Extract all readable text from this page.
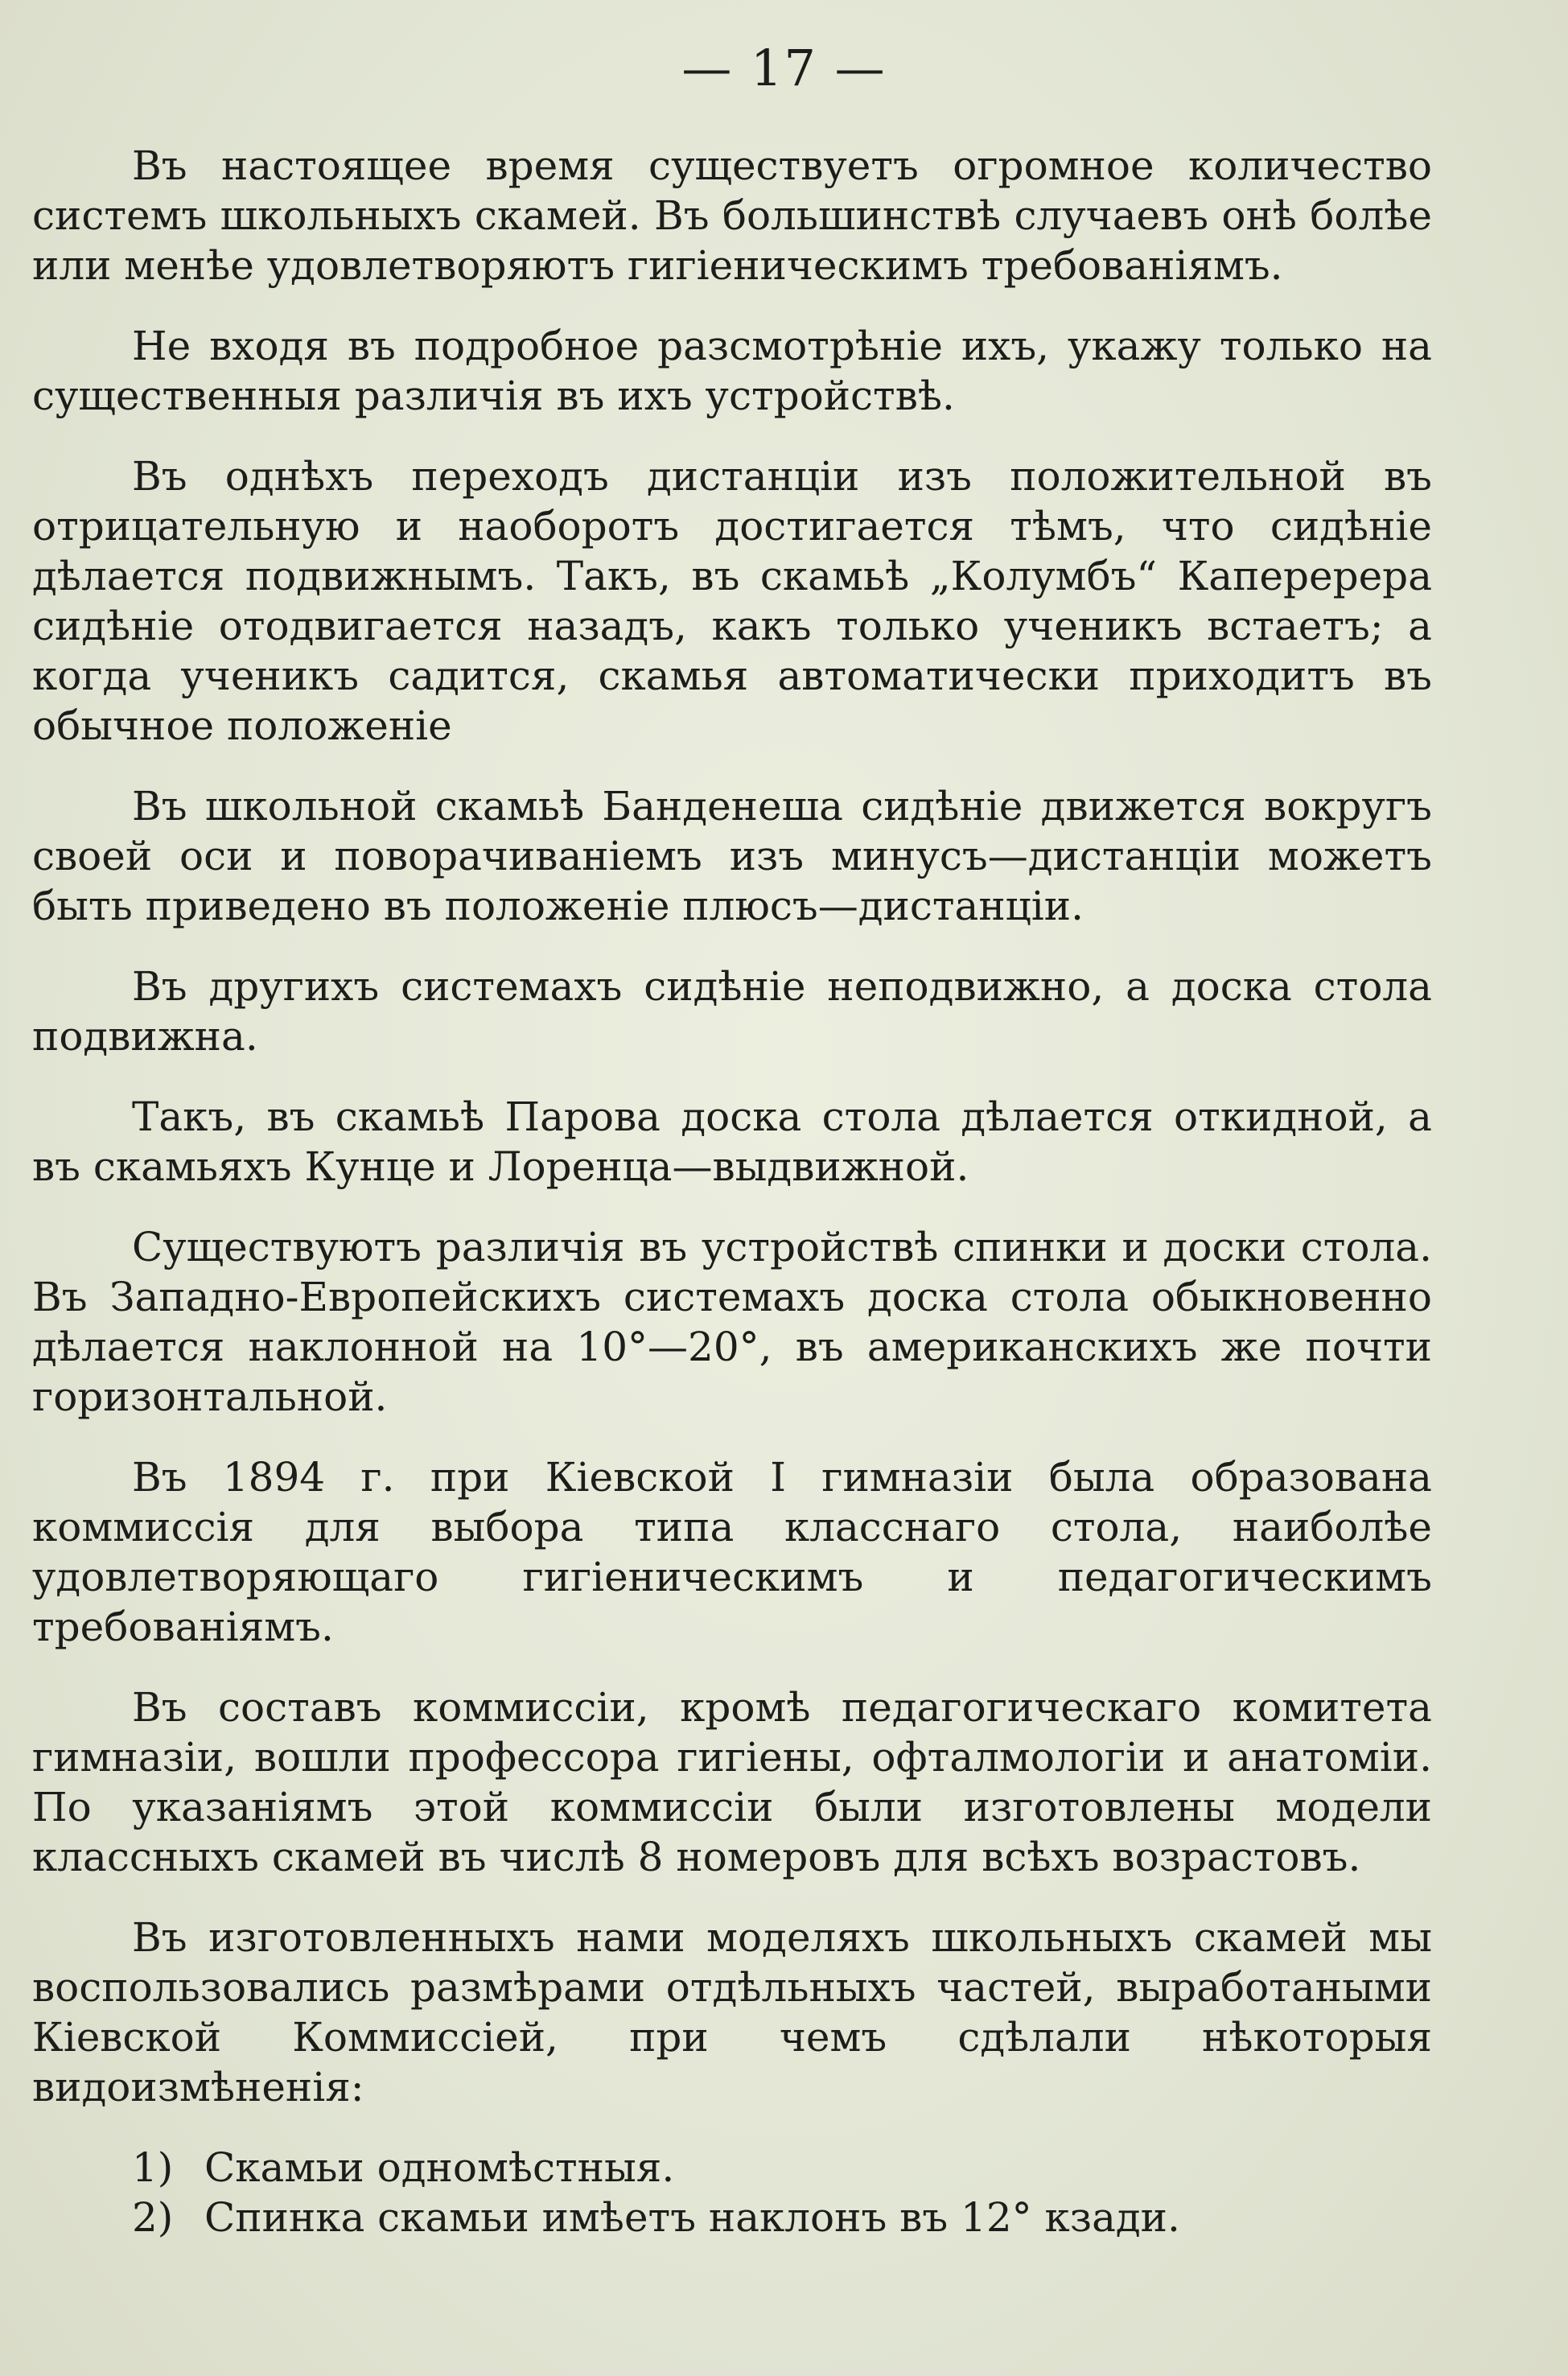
— 17 —

Въ настоящее время существуетъ огромное количество системъ школьныхъ скамей. Въ большинствѣ случаевъ онѣ болѣе или менѣе удовлетворяютъ гигіеническимъ требованіямъ.

Не входя въ подробное разсмотрѣніе ихъ, укажу только на существенныя различія въ ихъ устройствѣ.

Въ однѣхъ переходъ дистанціи изъ положительной въ отрицательную и наоборотъ достигается тѣмъ, что сидѣніе дѣлается подвижнымъ. Такъ, въ скамьѣ „Колумбъ“ Каперерера сидѣніе отодвигается назадъ, какъ только ученикъ встаетъ; а когда ученикъ садится, скамья автоматически приходитъ въ обычное положеніе

Въ школьной скамьѣ Банденеша сидѣніе движется вокругъ своей оси и поворачиваніемъ изъ минусъ—дистанціи можетъ быть приведено въ положеніе плюсъ—дистанціи.

Въ другихъ системахъ сидѣніе неподвижно, а доска стола подвижна.

Такъ, въ скамьѣ Парова доска стола дѣлается откидной, а въ скамьяхъ Кунце и Лоренца—выдвижной.

Существуютъ различія въ устройствѣ спинки и доски стола. Въ Западно-Европейскихъ системахъ доска стола обыкновенно дѣлается наклонной на 10°—20°, въ американскихъ же почти горизонтальной.

Въ 1894 г. при Кіевской I гимназіи была образована коммиссія для выбора типа класснаго стола, наиболѣе удовлетворяющаго гигіеническимъ и педагогическимъ требованіямъ.

Въ составъ коммиссіи, кромѣ педагогическаго комитета гимназіи, вошли профессора гигіены, офталмологіи и анатоміи. По указаніямъ этой коммиссіи были изготовлены модели классныхъ скамей въ числѣ 8 номеровъ для всѣхъ возрастовъ.

Въ изготовленныхъ нами моделяхъ школьныхъ скамей мы воспользовались размѣрами отдѣльныхъ частей, выработаными Кіевской Коммиссіей, при чемъ сдѣлали нѣкоторыя видоизмѣненія:

1) Скамьи одномѣстныя.
2) Спинка скамьи имѣетъ наклонъ въ 12° кзади.
